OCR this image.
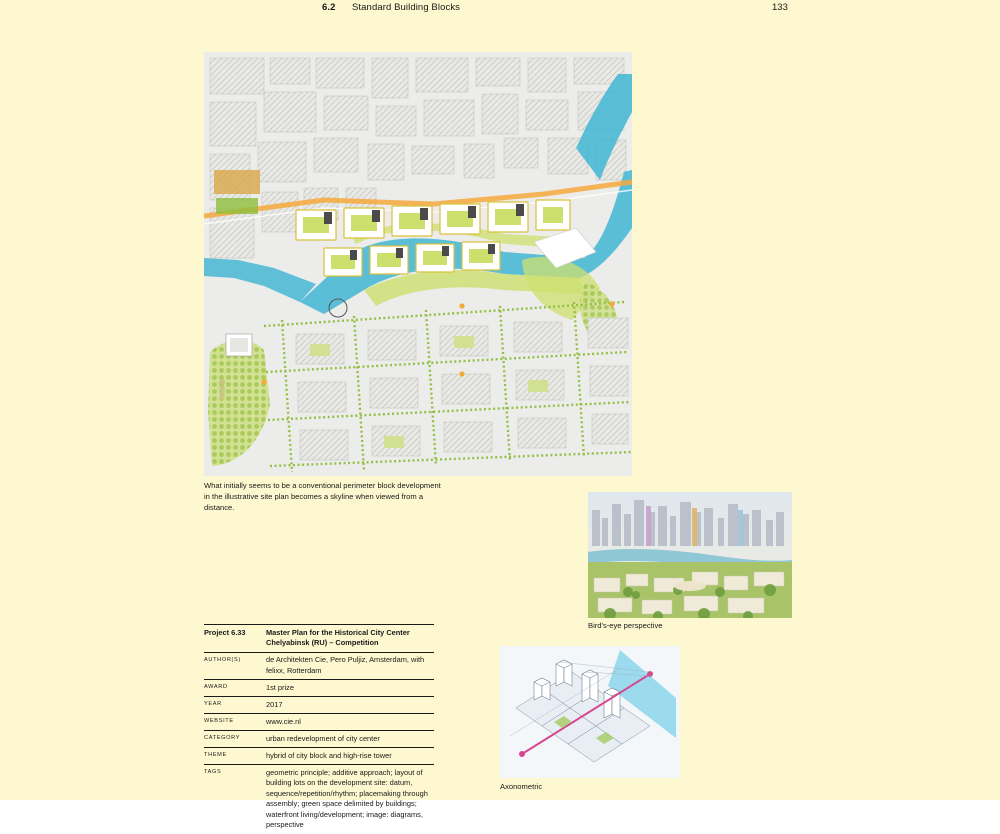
6.2 Standard Building Blocks	133
What initially seems to be a conventional perimeter block development in the illustrative site plan becomes a skyline when viewed from a distance.
Bird's-eye perspective
Axonometric
Project 6.33	Master Plan for the Historical City Center
Chelyabinsk (RU) – Competition
AUTHOR(S)	de Architekten Cie, Pero Puljiz, Amsterdam, with felixx, Rotterdam
AWARD	1st prize
YEAR	2017
WEBSITE	www.cie.nl
CATEGORY	urban redevelopment of city center
THEME	hybrid of city block and high-rise tower
TAGS	geometric principle; additive approach; layout of building lots on the development site: datum, sequence/repetition/rhythm; placemaking through assembly; green space delimited by buildings; waterfront living/development; image: diagrams, perspective
